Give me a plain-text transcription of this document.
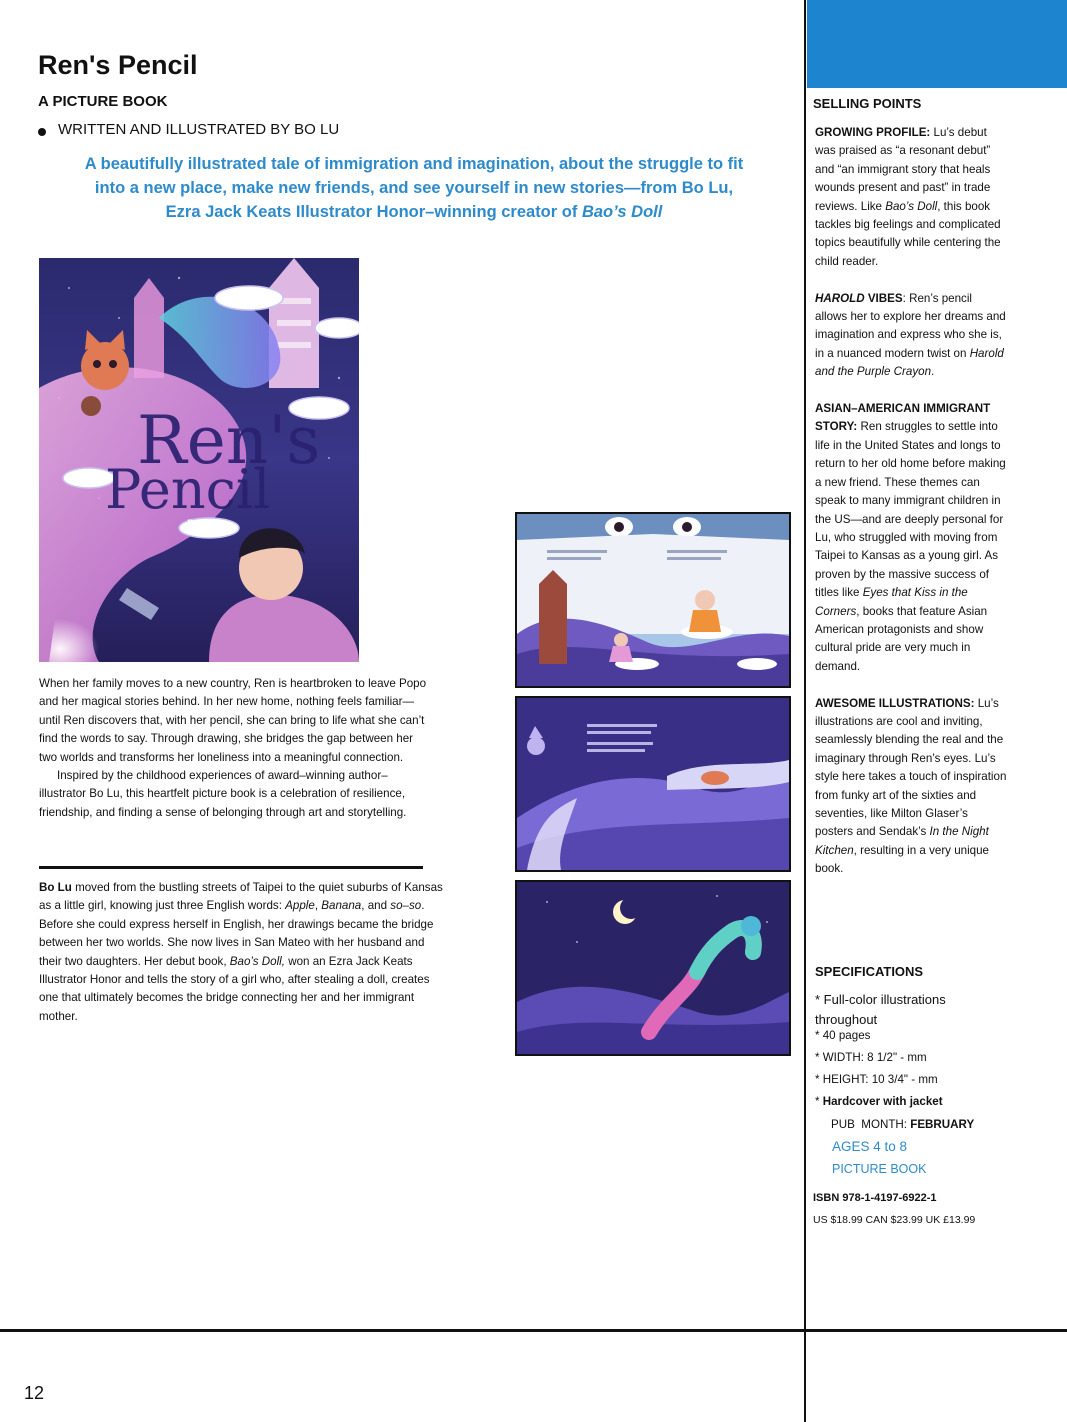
Ren's Pencil
A PICTURE BOOK
WRITTEN AND ILLUSTRATED BY BO LU
A beautifully illustrated tale of immigration and imagination, about the struggle to fit into a new place, make new friends, and see yourself in new stories—from Bo Lu, Ezra Jack Keats Illustrator Honor–winning creator of Bao’s Doll
Ren's
Pencil
BO LU

When her family moves to a new country, Ren is heartbroken to leave Popo and her magical stories behind. In her new home, nothing feels familiar—until Ren discovers that, with her pencil, she can bring to life what she can’t find the words to say. Through drawing, she bridges the gap between her two worlds and transforms her loneliness into a meaningful connection.

Inspired by the childhood experiences of award–winning author–illustrator Bo Lu, this heartfelt picture book is a celebration of resilience, friendship, and finding a sense of belonging through art and storytelling.

Bo Lu moved from the bustling streets of Taipei to the quiet suburbs of Kansas as a little girl, knowing just three English words: Apple, Banana, and so–so. Before she could express herself in English, her drawings became the bridge between her two worlds. She now lives in San Mateo with her husband and their two daughters. Her debut book, Bao’s Doll, won an Ezra Jack Keats Illustrator Honor and tells the story of a girl who, after stealing a doll, creates one that ultimately becomes the bridge connecting her and her immigrant mother.
SELLING POINTS

GROWING PROFILE: Lu’s debut was praised as “a resonant debut” and “an immigrant story that heals wounds present and past” in trade reviews. Like Bao’s Doll, this book tackles big feelings and complicated topics beautifully while centering the child reader.

HAROLD VIBES: Ren’s pencil allows her to explore her dreams and imagination and express who she is, in a nuanced modern twist on Harold and the Purple Crayon.

ASIAN–AMERICAN IMMIGRANT STORY: Ren struggles to settle into life in the United States and longs to return to her old home before making a new friend. These themes can speak to many immigrant children in the US—and are deeply personal for Lu, who struggled with moving from Taipei to Kansas as a young girl. As proven by the massive success of titles like Eyes that Kiss in the Corners, books that feature Asian American protagonists and show cultural pride are very much in demand.

AWESOME ILLUSTRATIONS: Lu’s illustrations are cool and inviting, seamlessly blending the real and the imaginary through Ren’s eyes. Lu’s style here takes a touch of inspiration from funky art of the sixties and seventies, like Milton Glaser’s posters and Sendak’s In the Night Kitchen, resulting in a very unique book.

SPECIFICATIONS
* Full-color illustrations throughout
* 40 pages
* WIDTH: 8 1/2" - mm
* HEIGHT: 10 3/4" - mm
* Hardcover with jacket
PUB  MONTH: FEBRUARY
AGES 4 to 8
PICTURE BOOK
ISBN 978-1-4197-6922-1
US $18.99 CAN $23.99 UK £13.99
12
